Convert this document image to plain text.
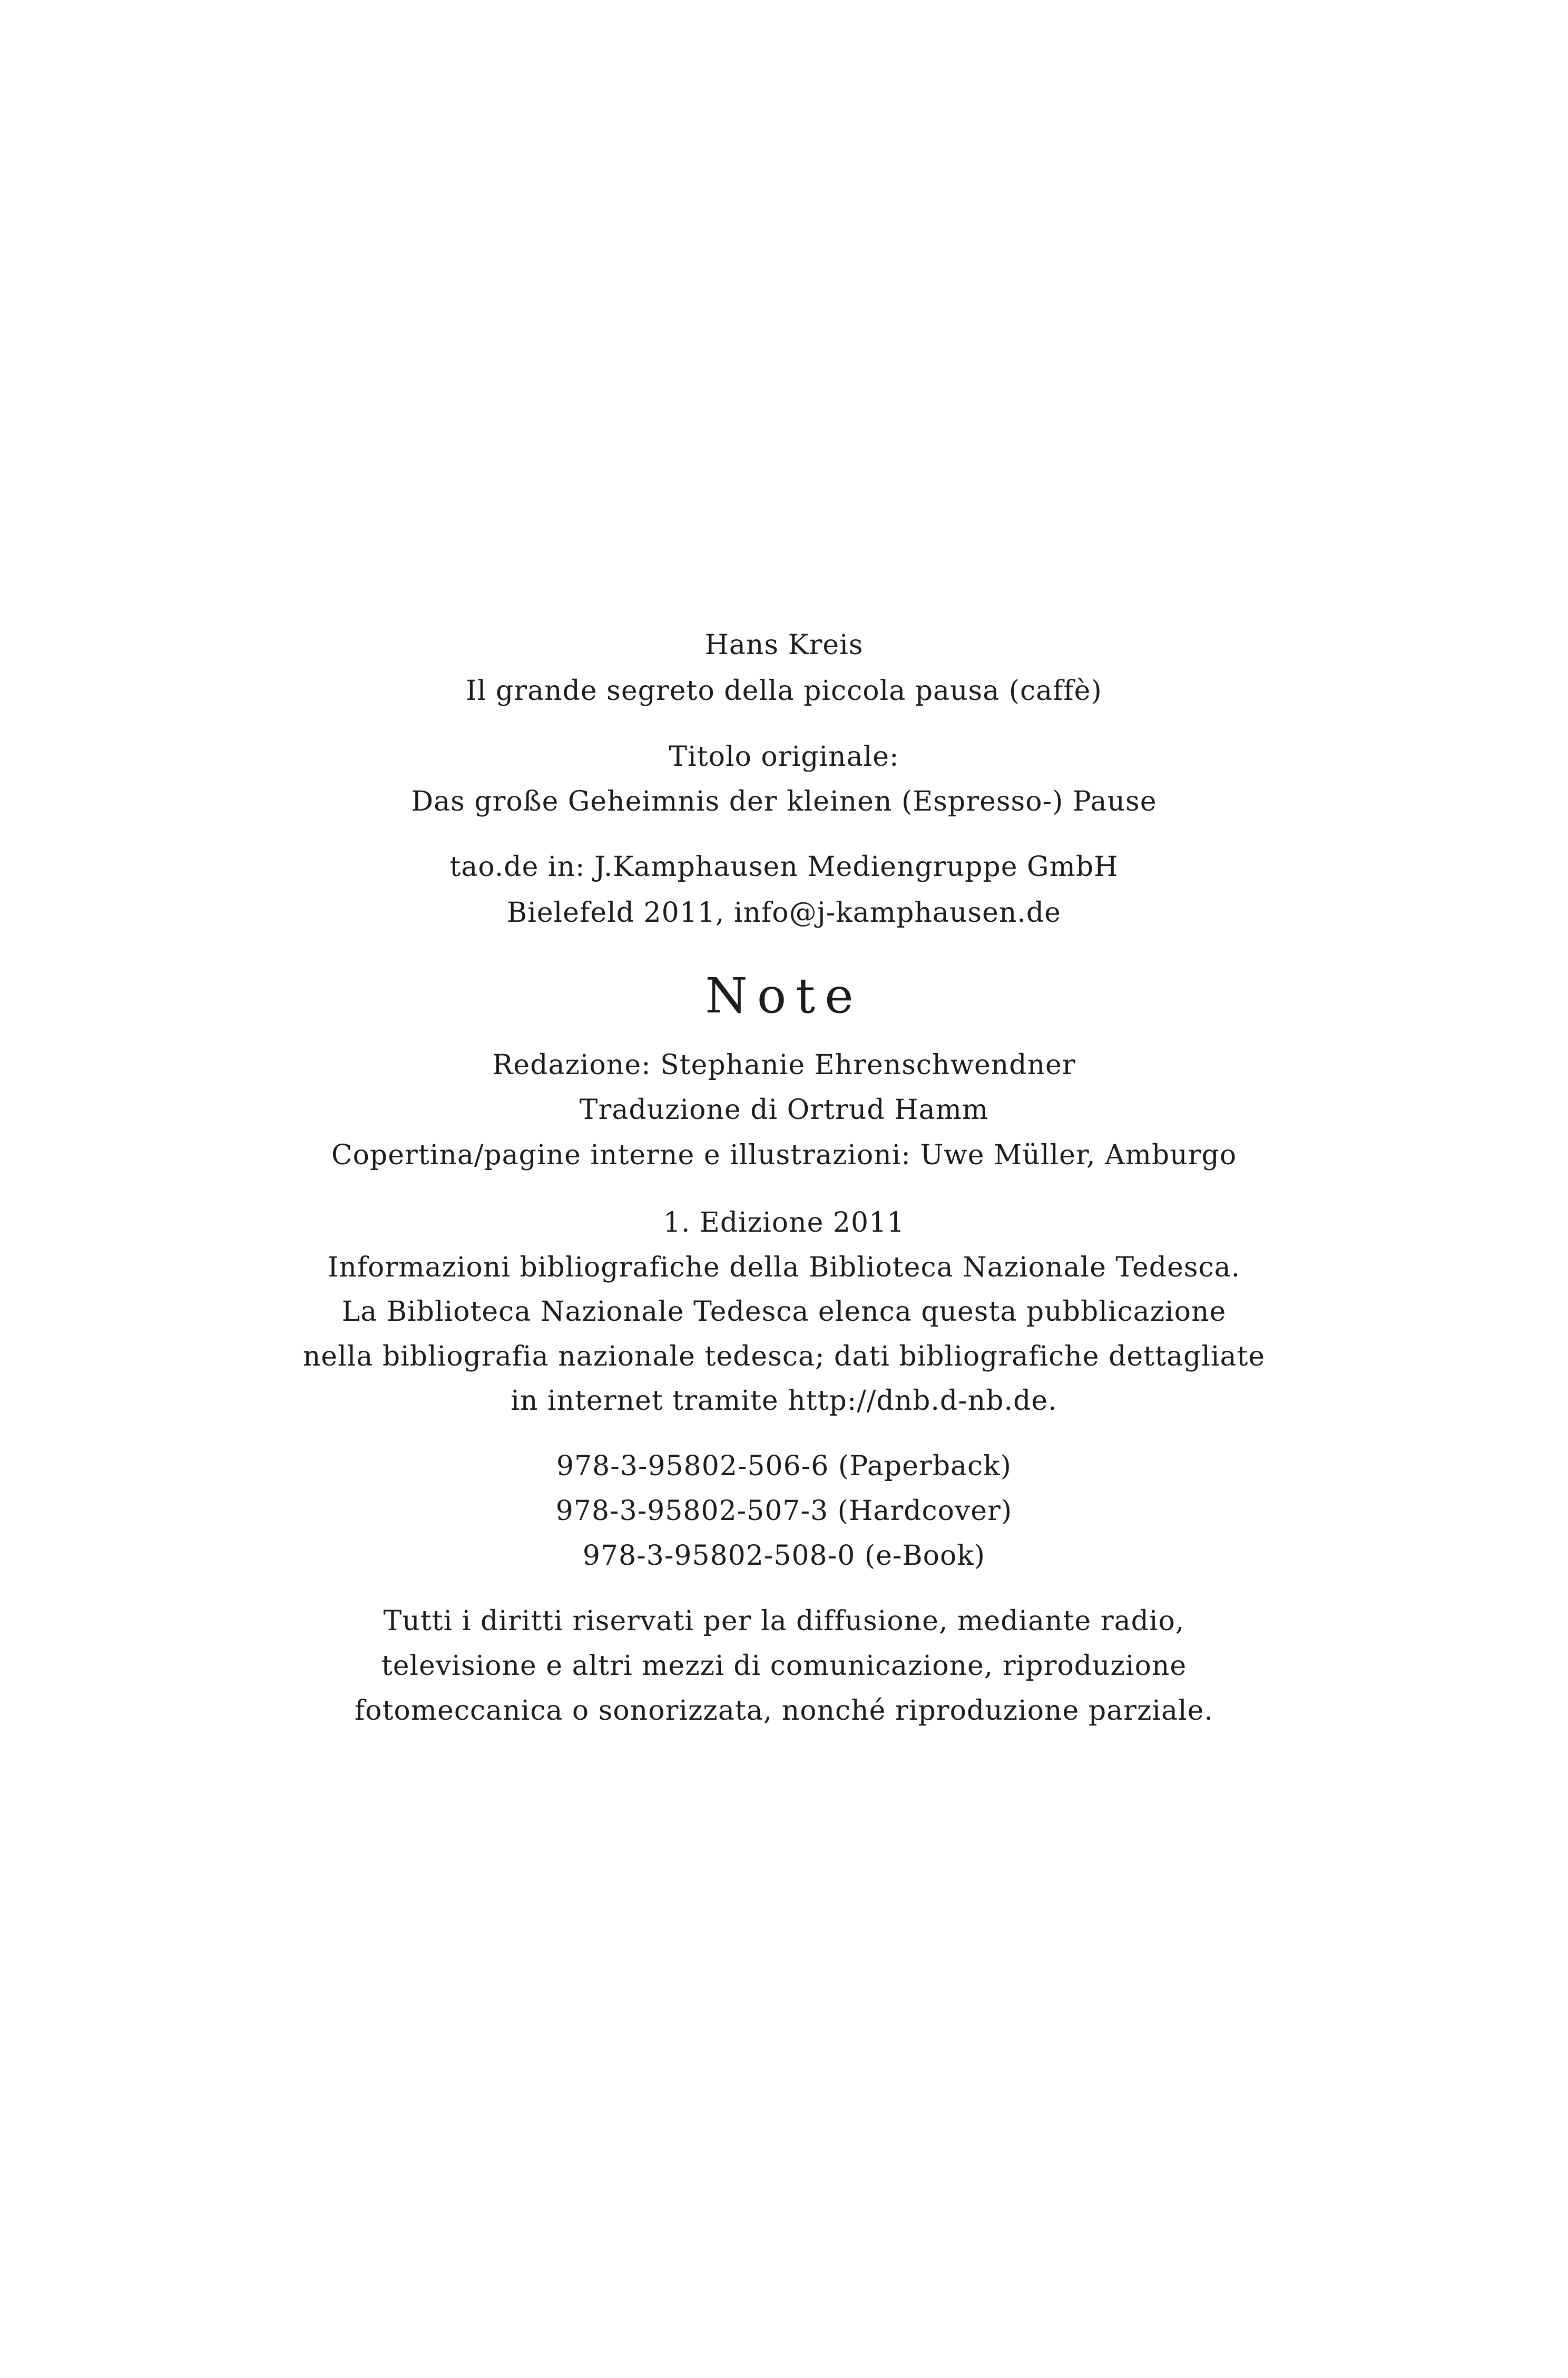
Hans Kreis
Il grande segreto della piccola pausa (caffè)
Titolo originale:
Das große Geheimnis der kleinen (Espresso-) Pause
tao.de in: J.Kamphausen Mediengruppe GmbH
Bielefeld 2011, info@j-kamphausen.de
Note
Redazione: Stephanie Ehrenschwendner
Traduzione di Ortrud Hamm
Copertina/pagine interne e illustrazioni: Uwe Müller, Amburgo
1. Edizione 2011
Informazioni bibliografiche della Biblioteca Nazionale Tedesca.
La Biblioteca Nazionale Tedesca elenca questa pubblicazione
nella bibliografia nazionale tedesca; dati bibliografiche dettagliate
in internet tramite http://dnb.d-nb.de.
978-3-95802-506-6 (Paperback)
978-3-95802-507-3 (Hardcover)
978-3-95802-508-0 (e-Book)
Tutti i diritti riservati per la diffusione, mediante radio,
televisione e altri mezzi di comunicazione, riproduzione
fotomeccanica o sonorizzata, nonché riproduzione parziale.
